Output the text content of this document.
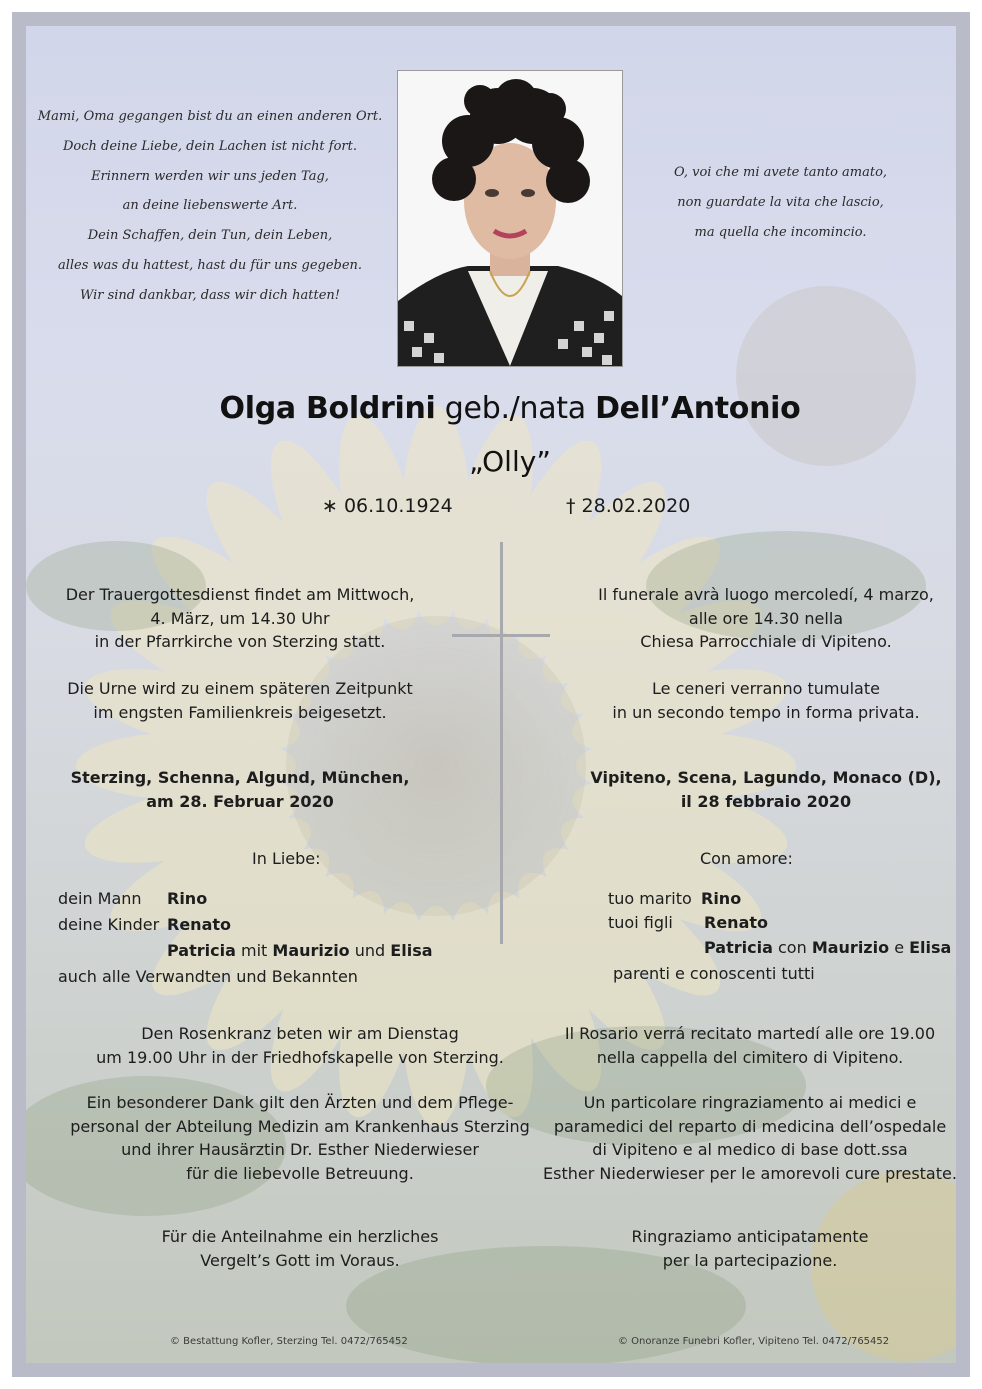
Mami, Oma gegangen bist du an einen anderen Ort.
Doch deine Liebe, dein Lachen ist nicht fort.
Erinnern werden wir uns jeden Tag,
an deine liebenswerte Art.
Dein Schaffen, dein Tun, dein Leben,
alles was du hattest, hast du für uns gegeben.
Wir sind dankbar, dass wir dich hatten!
O, voi che mi avete tanto amato,
non guardate la vita che lascio,
ma quella che incomincio.
Olga Boldrini geb./nata Dell’Antonio
„Olly”
∗ 06.10.1924	† 28.02.2020
Der Trauergottesdienst findet am Mittwoch,
4. März, um 14.30 Uhr
in der Pfarrkirche von Sterzing statt.
Die Urne wird zu einem späteren Zeitpunkt
im engsten Familienkreis beigesetzt.
Sterzing, Schenna, Algund, München,
am 28. Februar 2020
In Liebe:
dein Mann Rino
deine Kinder Renato
Patricia mit Maurizio und Elisa
auch alle Verwandten und Bekannten
Den Rosenkranz beten wir am Dienstag
um 19.00 Uhr in der Friedhofskapelle von Sterzing.
Ein besonderer Dank gilt den Ärzten und dem Pflege-
personal der Abteilung Medizin am Krankenhaus Sterzing
und ihrer Hausärztin Dr. Esther Niederwieser
für die liebevolle Betreuung.
Für die Anteilnahme ein herzliches
Vergelt’s Gott im Voraus.
© Bestattung Kofler, Sterzing Tel. 0472/765452
Il funerale avrà luogo mercoledí, 4 marzo,
alle ore 14.30 nella
Chiesa Parrocchiale di Vipiteno.
Le ceneri verranno tumulate
in un secondo tempo in forma privata.
Vipiteno, Scena, Lagundo, Monaco (D),
il 28 febbraio 2020
Con amore:
tuo marito Rino
tuoi figli Renato
Patricia con Maurizio e Elisa
parenti e conoscenti tutti
Il Rosario verrá recitato martedí alle ore 19.00
nella cappella del cimitero di Vipiteno.
Un particolare ringraziamento ai medici e
paramedici del reparto di medicina dell’ospedale
di Vipiteno e al medico di base dott.ssa
Esther Niederwieser per le amorevoli cure prestate.
Ringraziamo anticipatamente
per la partecipazione.
© Onoranze Funebri Kofler, Vipiteno Tel. 0472/765452
